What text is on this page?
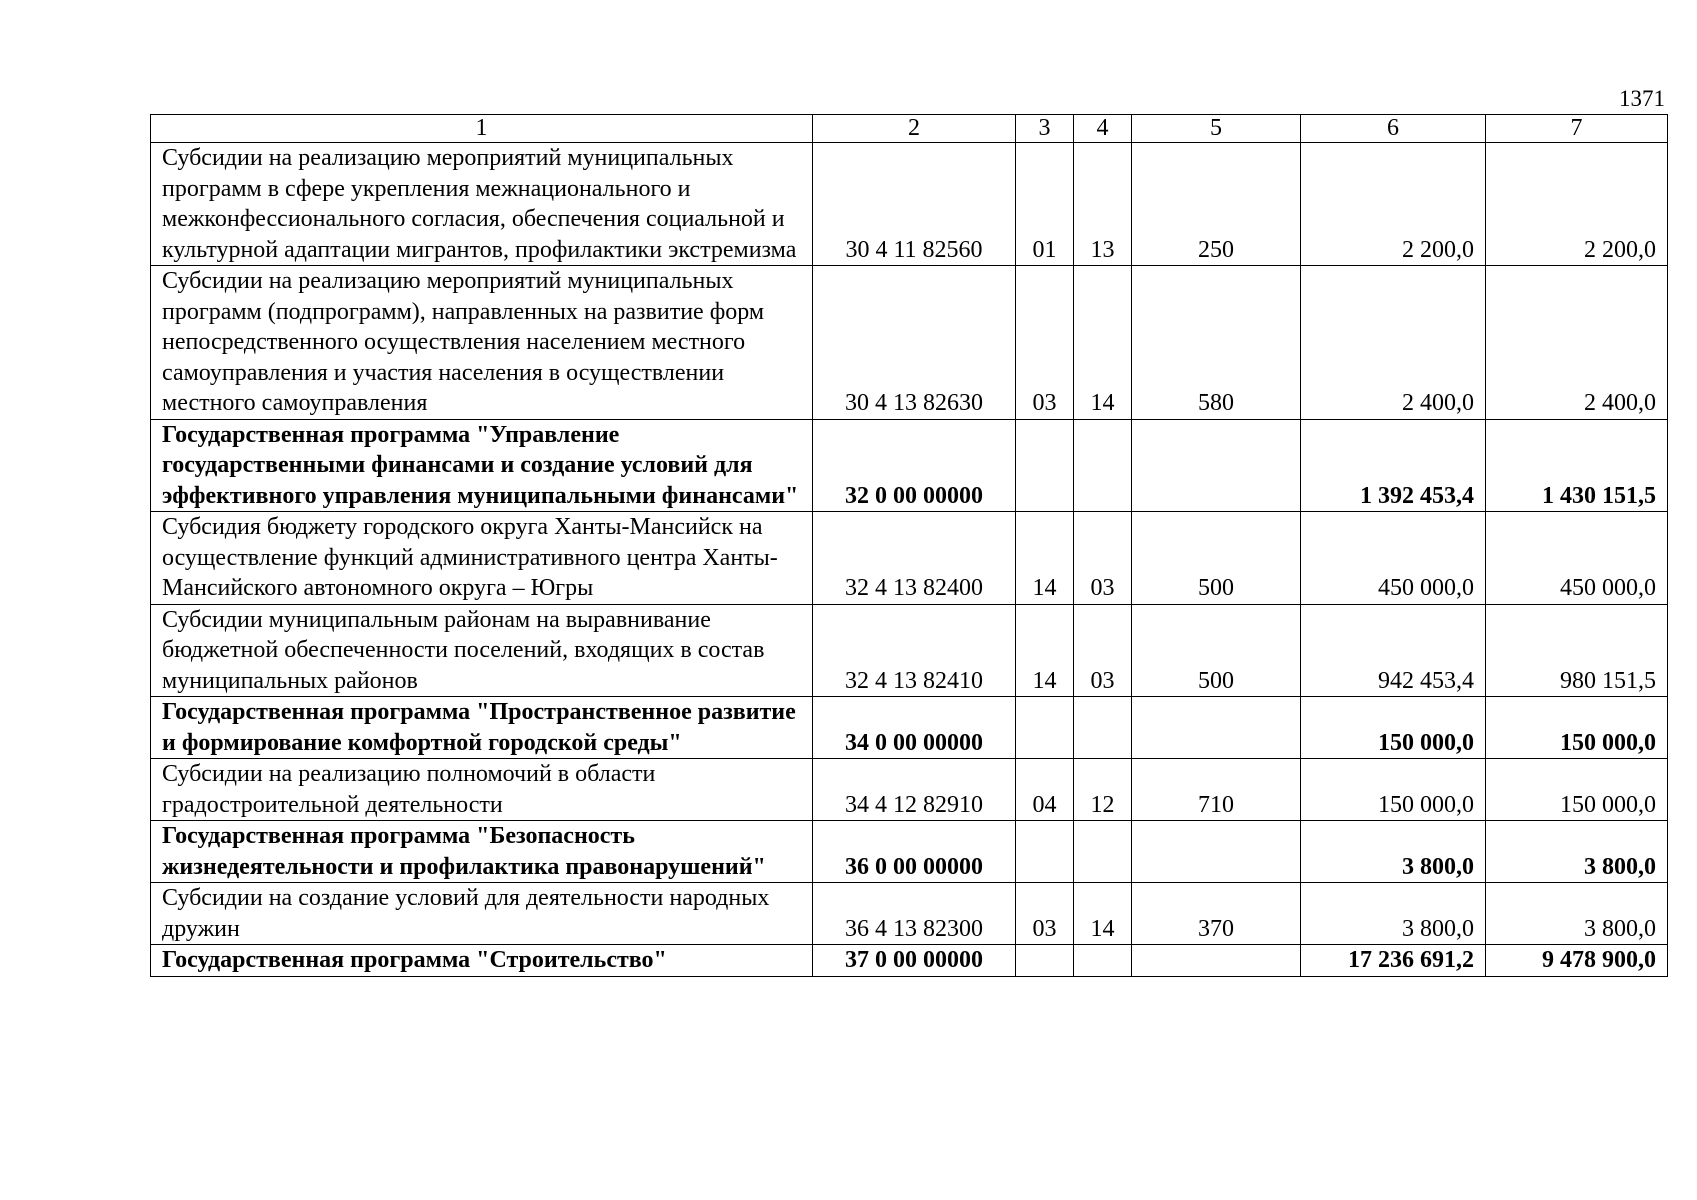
1371
1	2	3	4	5	6	7
Субсидии на реализацию мероприятий муниципальных программ в сфере укрепления межнационального и межконфессионального согласия, обеспечения социальной и культурной адаптации мигрантов, профилактики экстремизма	30 4 11 82560	01	13	250	2 200,0	2 200,0
Субсидии на реализацию мероприятий муниципальных программ (подпрограмм), направленных на развитие форм непосредственного осуществления населением местного самоуправления и участия населения в осуществлении местного самоуправления	30 4 13 82630	03	14	580	2 400,0	2 400,0
Государственная программа "Управление государственными финансами и создание условий для эффективного управления муниципальными финансами"	32 0 00 00000				1 392 453,4	1 430 151,5
Субсидия бюджету городского округа Ханты-Мансийск на осуществление функций административного центра Ханты-Мансийского автономного округа – Югры	32 4 13 82400	14	03	500	450 000,0	450 000,0
Субсидии муниципальным районам на выравнивание бюджетной обеспеченности поселений, входящих в состав муниципальных районов	32 4 13 82410	14	03	500	942 453,4	980 151,5
Государственная программа "Пространственное развитие и формирование комфортной городской среды"	34 0 00 00000				150 000,0	150 000,0
Субсидии на реализацию полномочий в области градостроительной деятельности	34 4 12 82910	04	12	710	150 000,0	150 000,0
Государственная программа "Безопасность жизнедеятельности и профилактика правонарушений"	36 0 00 00000				3 800,0	3 800,0
Субсидии на создание условий для деятельности народных дружин	36 4 13 82300	03	14	370	3 800,0	3 800,0
Государственная программа "Строительство"	37 0 00 00000				17 236 691,2	9 478 900,0
